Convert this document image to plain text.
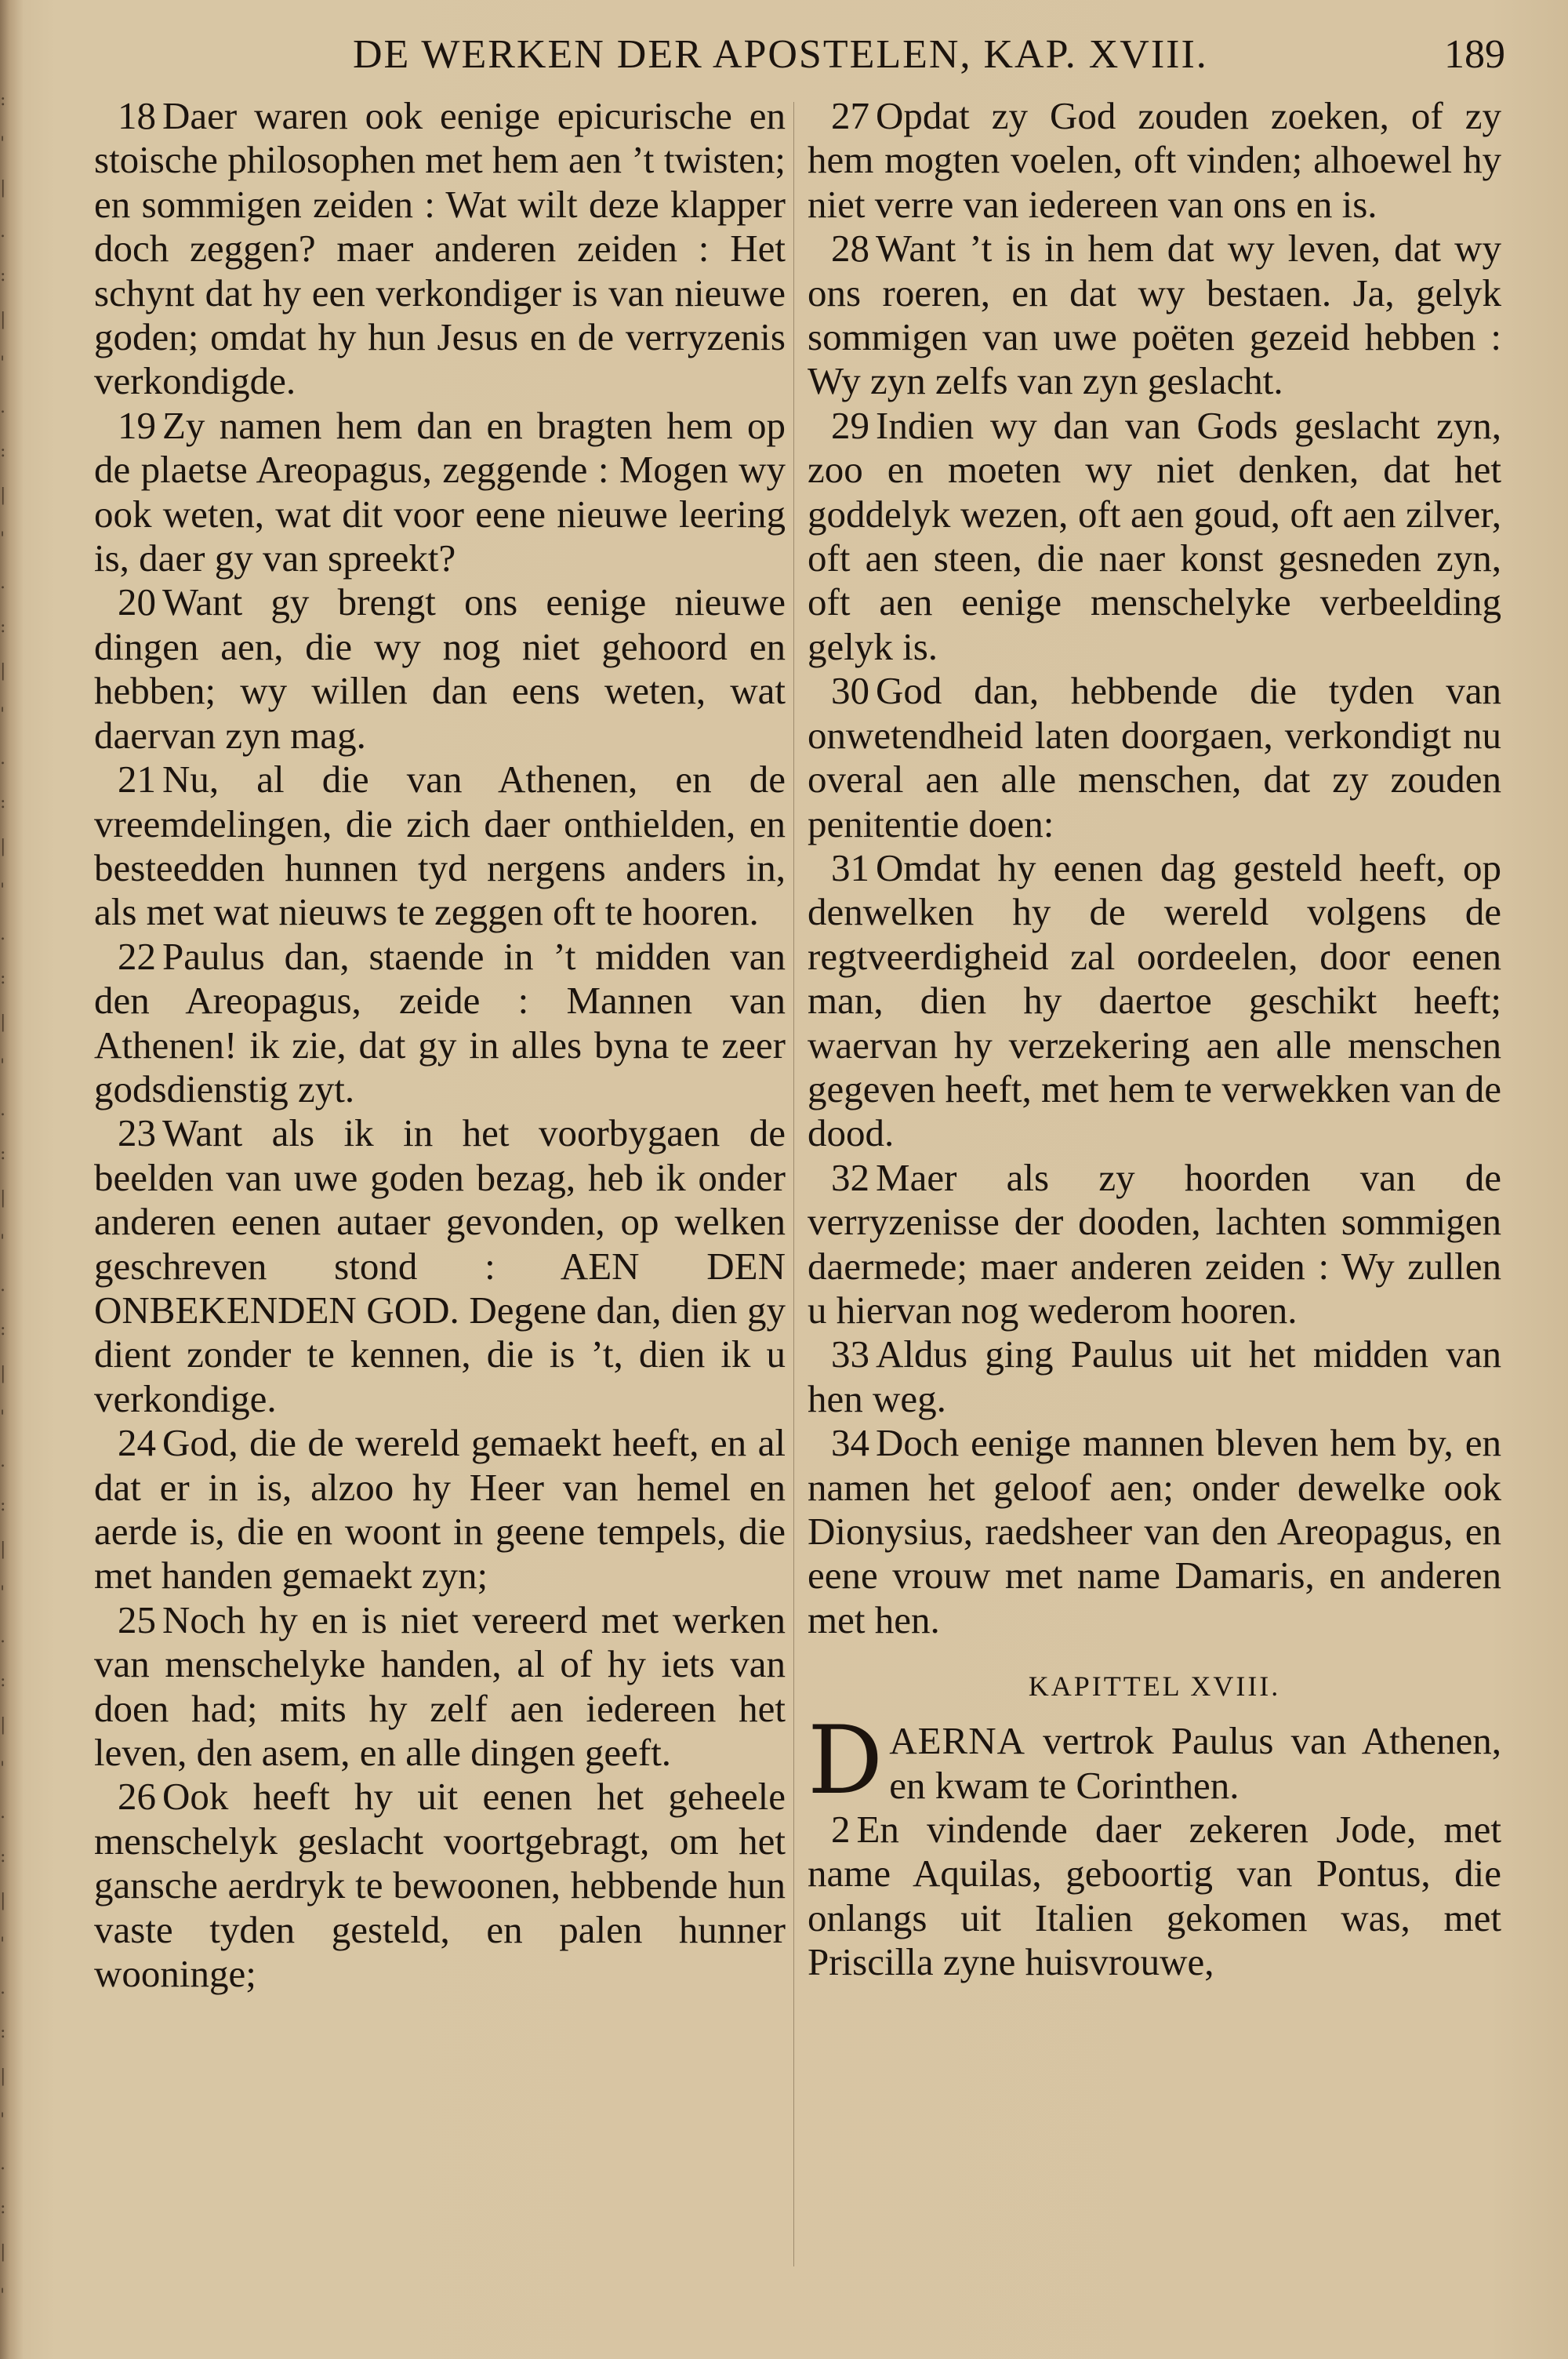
:
'
|
.
:
|
'
.
:
|
'
.
:
|
'
.
:
|
'
.
:
|
'
.
:
|
'
.
:
|
'
.
:
|
'
.
:
|
'
.
:
|
'
.
:
|
'
.
:
|
'
DE WERKEN DER APOSTELEN, KAP. XVIII.	189

18 Daer waren ook eenige epicurische en stoische philosophen met hem aen ’t twisten; en sommigen zeiden : Wat wilt deze klapper doch zeggen? maer anderen zeiden : Het schynt dat hy een verkondiger is van nieuwe goden; omdat hy hun Jesus en de verryzenis verkondigde.

19 Zy namen hem dan en bragten hem op de plaetse Areopagus, zeggende : Mogen wy ook weten, wat dit voor eene nieuwe leering is, daer gy van spreekt?

20 Want gy brengt ons eenige nieuwe dingen aen, die wy nog niet gehoord en hebben; wy willen dan eens weten, wat daervan zyn mag.

21 Nu, al die van Athenen, en de vreemdelingen, die zich daer onthielden, en besteedden hunnen tyd nergens anders in, als met wat nieuws te zeggen oft te hooren.

22 Paulus dan, staende in ’t midden van den Areopagus, zeide : Mannen van Athenen! ik zie, dat gy in alles byna te zeer godsdienstig zyt.

23 Want als ik in het voorbygaen de beelden van uwe goden bezag, heb ik onder anderen eenen autaer gevonden, op welken geschreven stond : AEN DEN ONBEKENDEN GOD. Degene dan, dien gy dient zonder te kennen, die is ’t, dien ik u verkondige.

24 God, die de wereld gemaekt heeft, en al dat er in is, alzoo hy Heer van hemel en aerde is, die en woont in geene tempels, die met handen gemaekt zyn;

25 Noch hy en is niet vereerd met werken van menschelyke handen, al of hy iets van doen had; mits hy zelf aen iedereen het leven, den asem, en alle dingen geeft.

26 Ook heeft hy uit eenen het geheele menschelyk geslacht voortgebragt, om het gansche aerdryk te bewoonen, hebbende hun vaste tyden gesteld, en palen hunner wooninge;

27 Opdat zy God zouden zoeken, of zy hem mogten voelen, oft vinden; alhoewel hy niet verre van iedereen van ons en is.

28 Want ’t is in hem dat wy leven, dat wy ons roeren, en dat wy bestaen. Ja, gelyk sommigen van uwe poëten gezeid hebben : Wy zyn zelfs van zyn geslacht.

29 Indien wy dan van Gods geslacht zyn, zoo en moeten wy niet denken, dat het goddelyk wezen, oft aen goud, oft aen zilver, oft aen steen, die naer konst gesneden zyn, oft aen eenige menschelyke verbeelding gelyk is.

30 God dan, hebbende die tyden van onwetendheid laten doorgaen, verkondigt nu overal aen alle menschen, dat zy zouden penitentie doen:

31 Omdat hy eenen dag gesteld heeft, op denwelken hy de wereld volgens de regtveerdigheid zal oordeelen, door eenen man, dien hy daertoe geschikt heeft; waervan hy verzekering aen alle menschen gegeven heeft, met hem te verwekken van de dood.

32 Maer als zy hoorden van de verryzenisse der dooden, lachten sommigen daermede; maer anderen zeiden : Wy zullen u hiervan nog wederom hooren.

33 Aldus ging Paulus uit het midden van hen weg.

34 Doch eenige mannen bleven hem by, en namen het geloof aen; onder dewelke ook Dionysius, raedsheer van den Areopagus, en eene vrouw met name Damaris, en anderen met hen.

KAPITTEL XVIII.

DAERNA vertrok Paulus van Athenen, en kwam te Corinthen.

2 En vindende daer zekeren Jode, met name Aquilas, geboortig van Pontus, die onlangs uit Italien gekomen was, met Priscilla zyne huisvrouwe,
